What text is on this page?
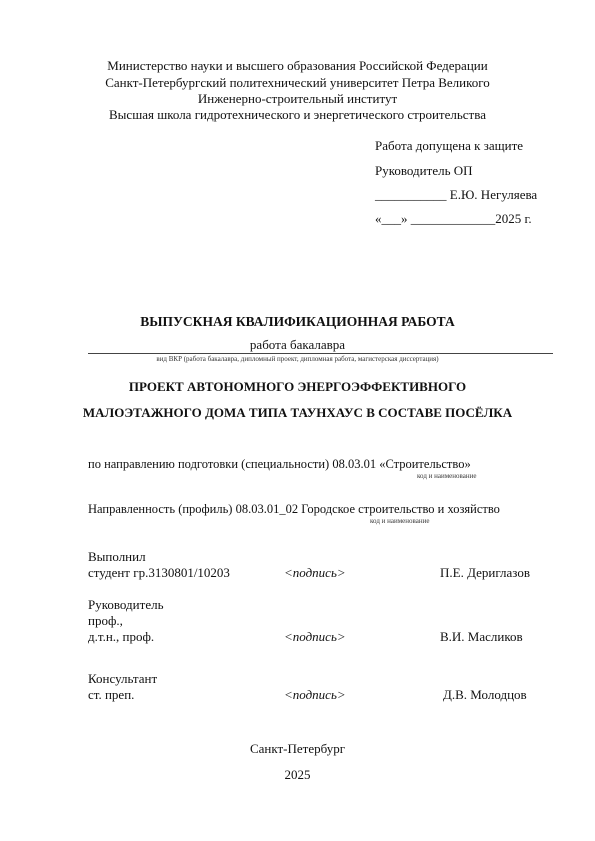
Министерство науки и высшего образования Российской Федерации
Санкт-Петербургский политехнический университет Петра Великого
Инженерно-строительный институт
Высшая школа гидротехнического и энергетического строительства
Работа допущена к защите
Руководитель ОП
___________ Е.Ю. Негуляева
«___» _____________2025 г.
ВЫПУСКНАЯ КВАЛИФИКАЦИОННАЯ РАБОТА
работа бакалавра
вид ВКР (работа бакалавра, дипломный проект, дипломная работа, магистерская диссертация)
ПРОЕКТ АВТОНОМНОГО ЭНЕРГОЭФФЕКТИВНОГО
МАЛОЭТАЖНОГО ДОМА ТИПА ТАУНХАУС В СОСТАВЕ ПОСЁЛКА
по направлению подготовки (специальности) 08.03.01 «Строительство»
код и наименование
Направленность (профиль) 08.03.01_02 Городское строительство и хозяйство
код и наименование
Выполнил
студент гр.3130801/10203	<подпись>	П.Е. Дериглазов
Руководитель
проф.,
д.т.н., проф.	<подпись>	В.И. Масликов
Консультант
ст. преп.	<подпись>	Д.В. Молодцов
Санкт-Петербург
2025
